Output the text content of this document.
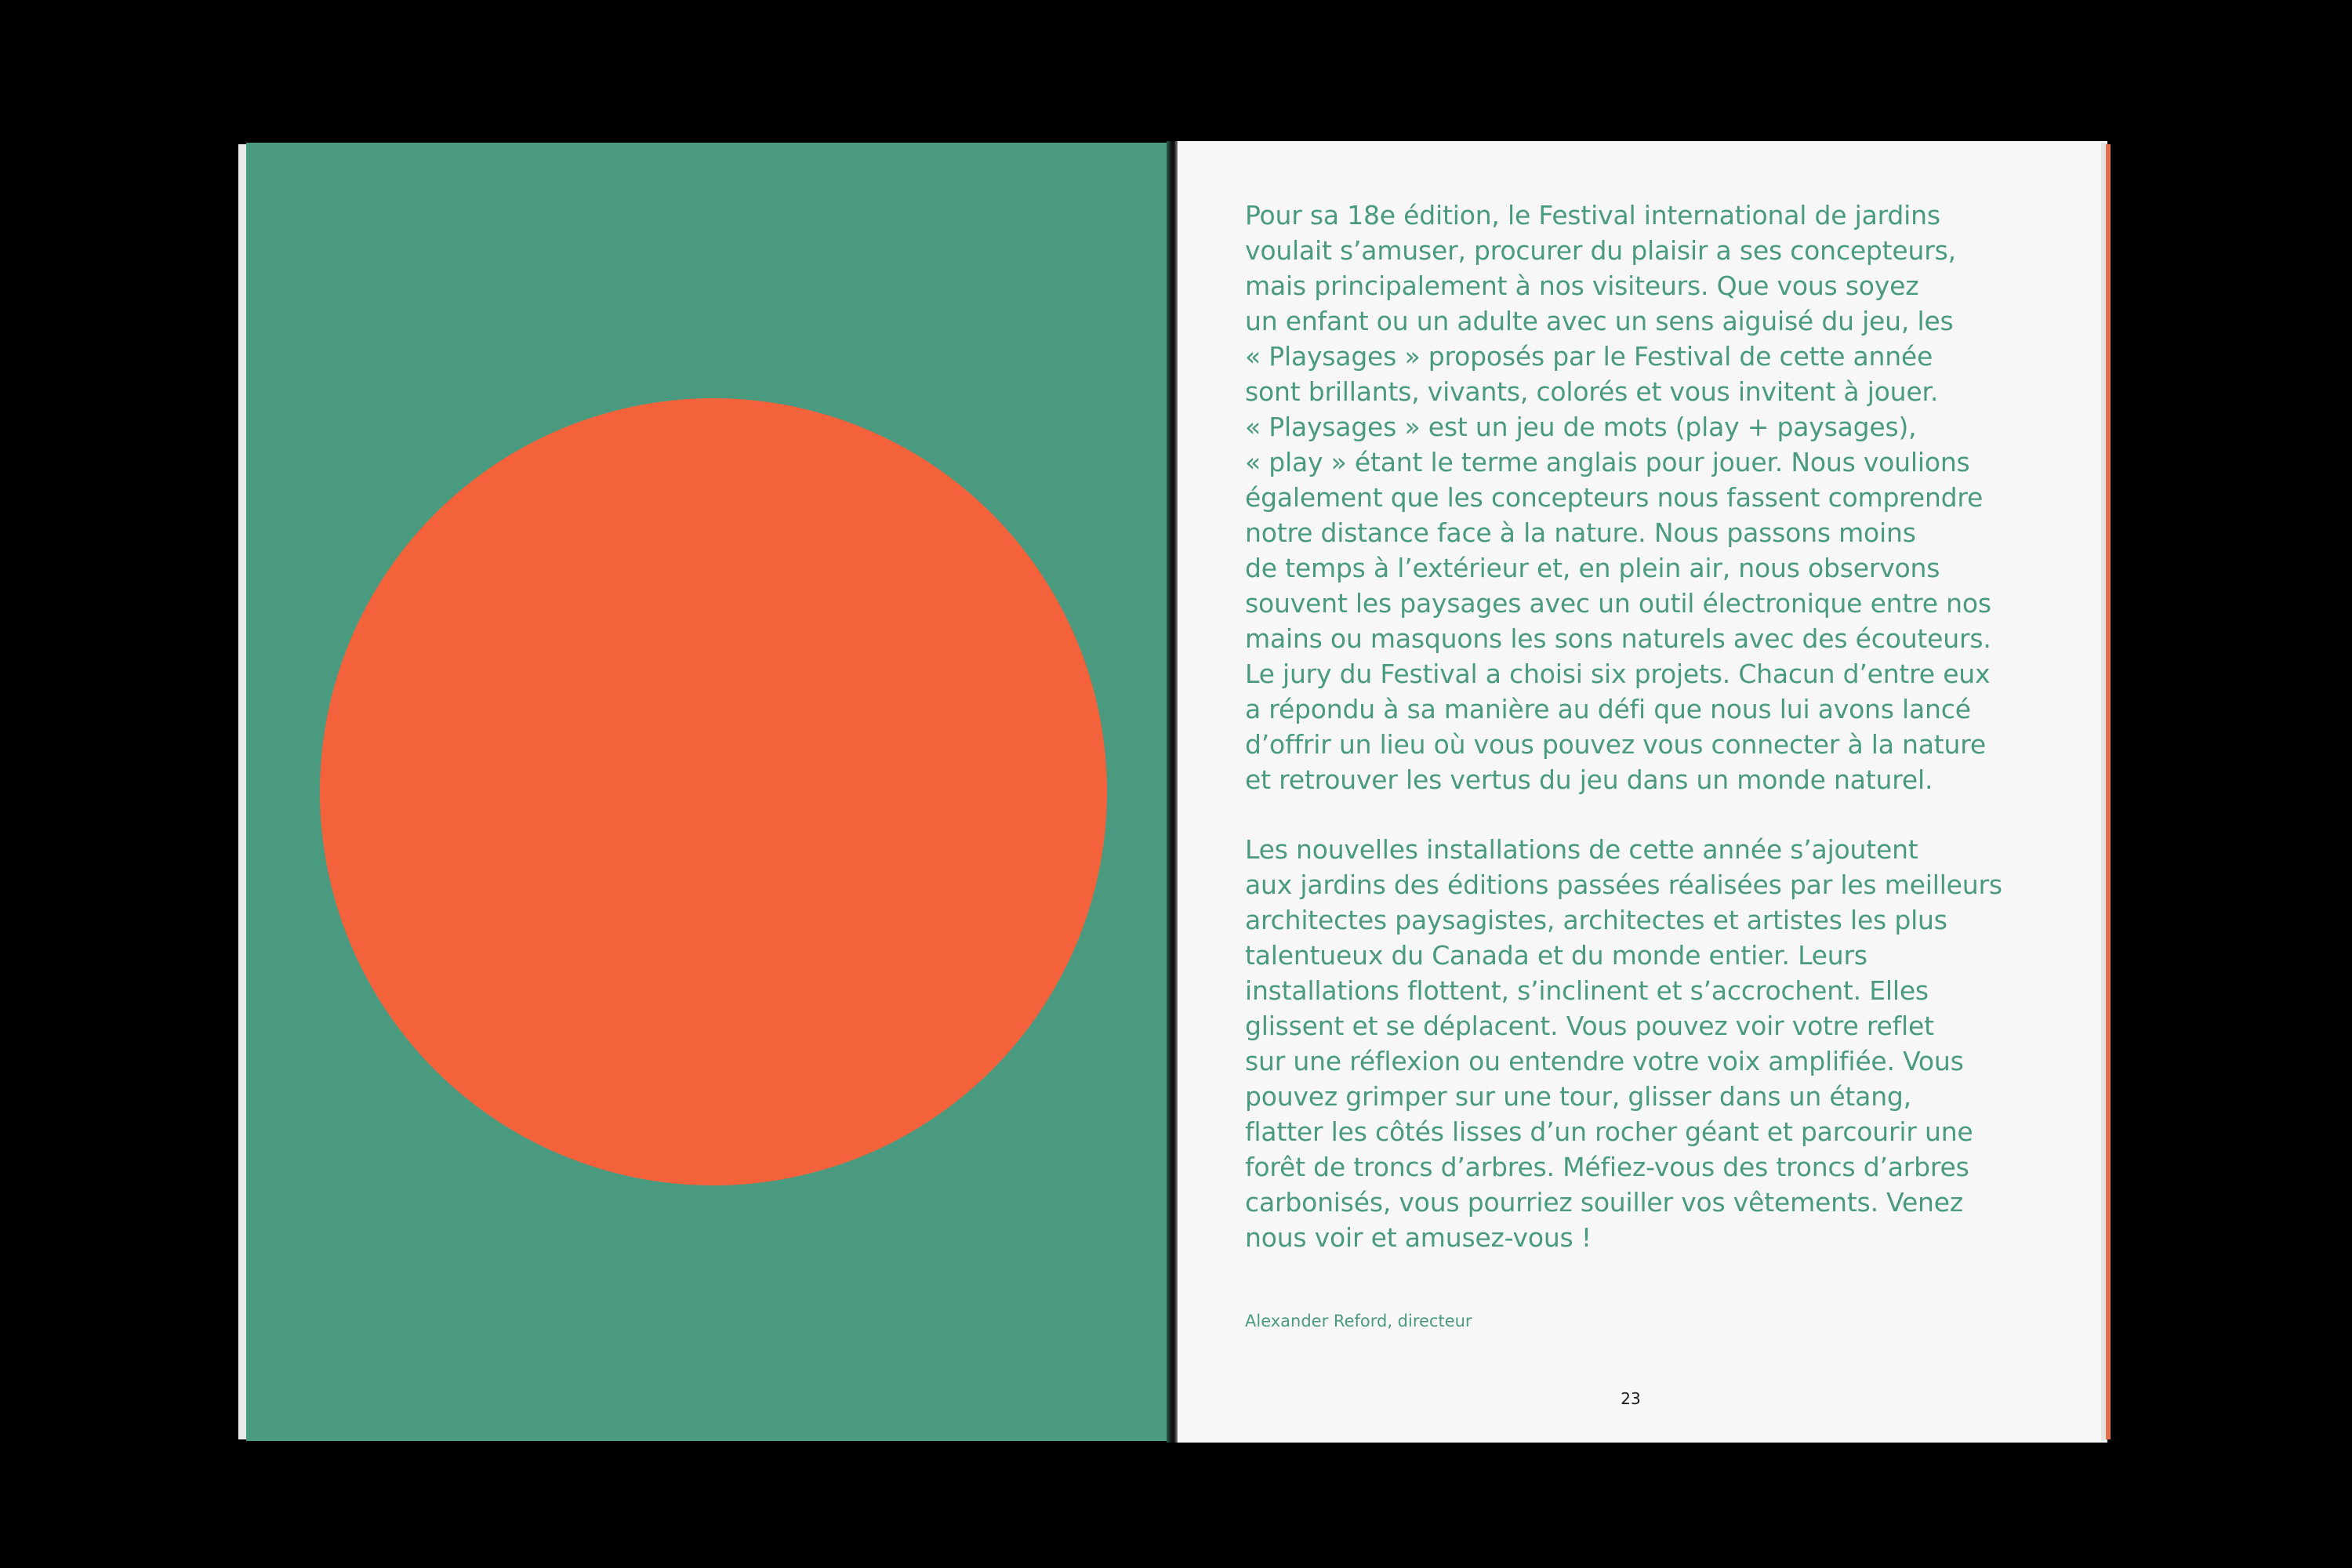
Pour sa 18e édition, le Festival international de jardins
voulait s’amuser, procurer du plaisir a ses concepteurs,
mais principalement à nos visiteurs. Que vous soyez
un enfant ou un adulte avec un sens aiguisé du jeu, les
« Playsages » proposés par le Festival de cette année
sont brillants, vivants, colorés et vous invitent à jouer.
« Playsages » est un jeu de mots (play + paysages),
« play » étant le terme anglais pour jouer. Nous voulions
également que les concepteurs nous fassent comprendre
notre distance face à la nature. Nous passons moins
de temps à l’extérieur et, en plein air, nous observons
souvent les paysages avec un outil électronique entre nos
mains ou masquons les sons naturels avec des écouteurs.
Le jury du Festival a choisi six projets. Chacun d’entre eux
a répondu à sa manière au défi que nous lui avons lancé
d’offrir un lieu où vous pouvez vous connecter à la nature
et retrouver les vertus du jeu dans un monde naturel.

Les nouvelles installations de cette année s’ajoutent
aux jardins des éditions passées réalisées par les meilleurs
architectes paysagistes, architectes et artistes les plus
talentueux du Canada et du monde entier. Leurs
installations flottent, s’inclinent et s’accrochent. Elles
glissent et se déplacent. Vous pouvez voir votre reflet
sur une réflexion ou entendre votre voix amplifiée. Vous
pouvez grimper sur une tour, glisser dans un étang,
flatter les côtés lisses d’un rocher géant et parcourir une
forêt de troncs d’arbres. Méfiez-vous des troncs d’arbres
carbonisés, vous pourriez souiller vos vêtements. Venez
nous voir et amusez-vous !

Alexander Reford, directeur
23
